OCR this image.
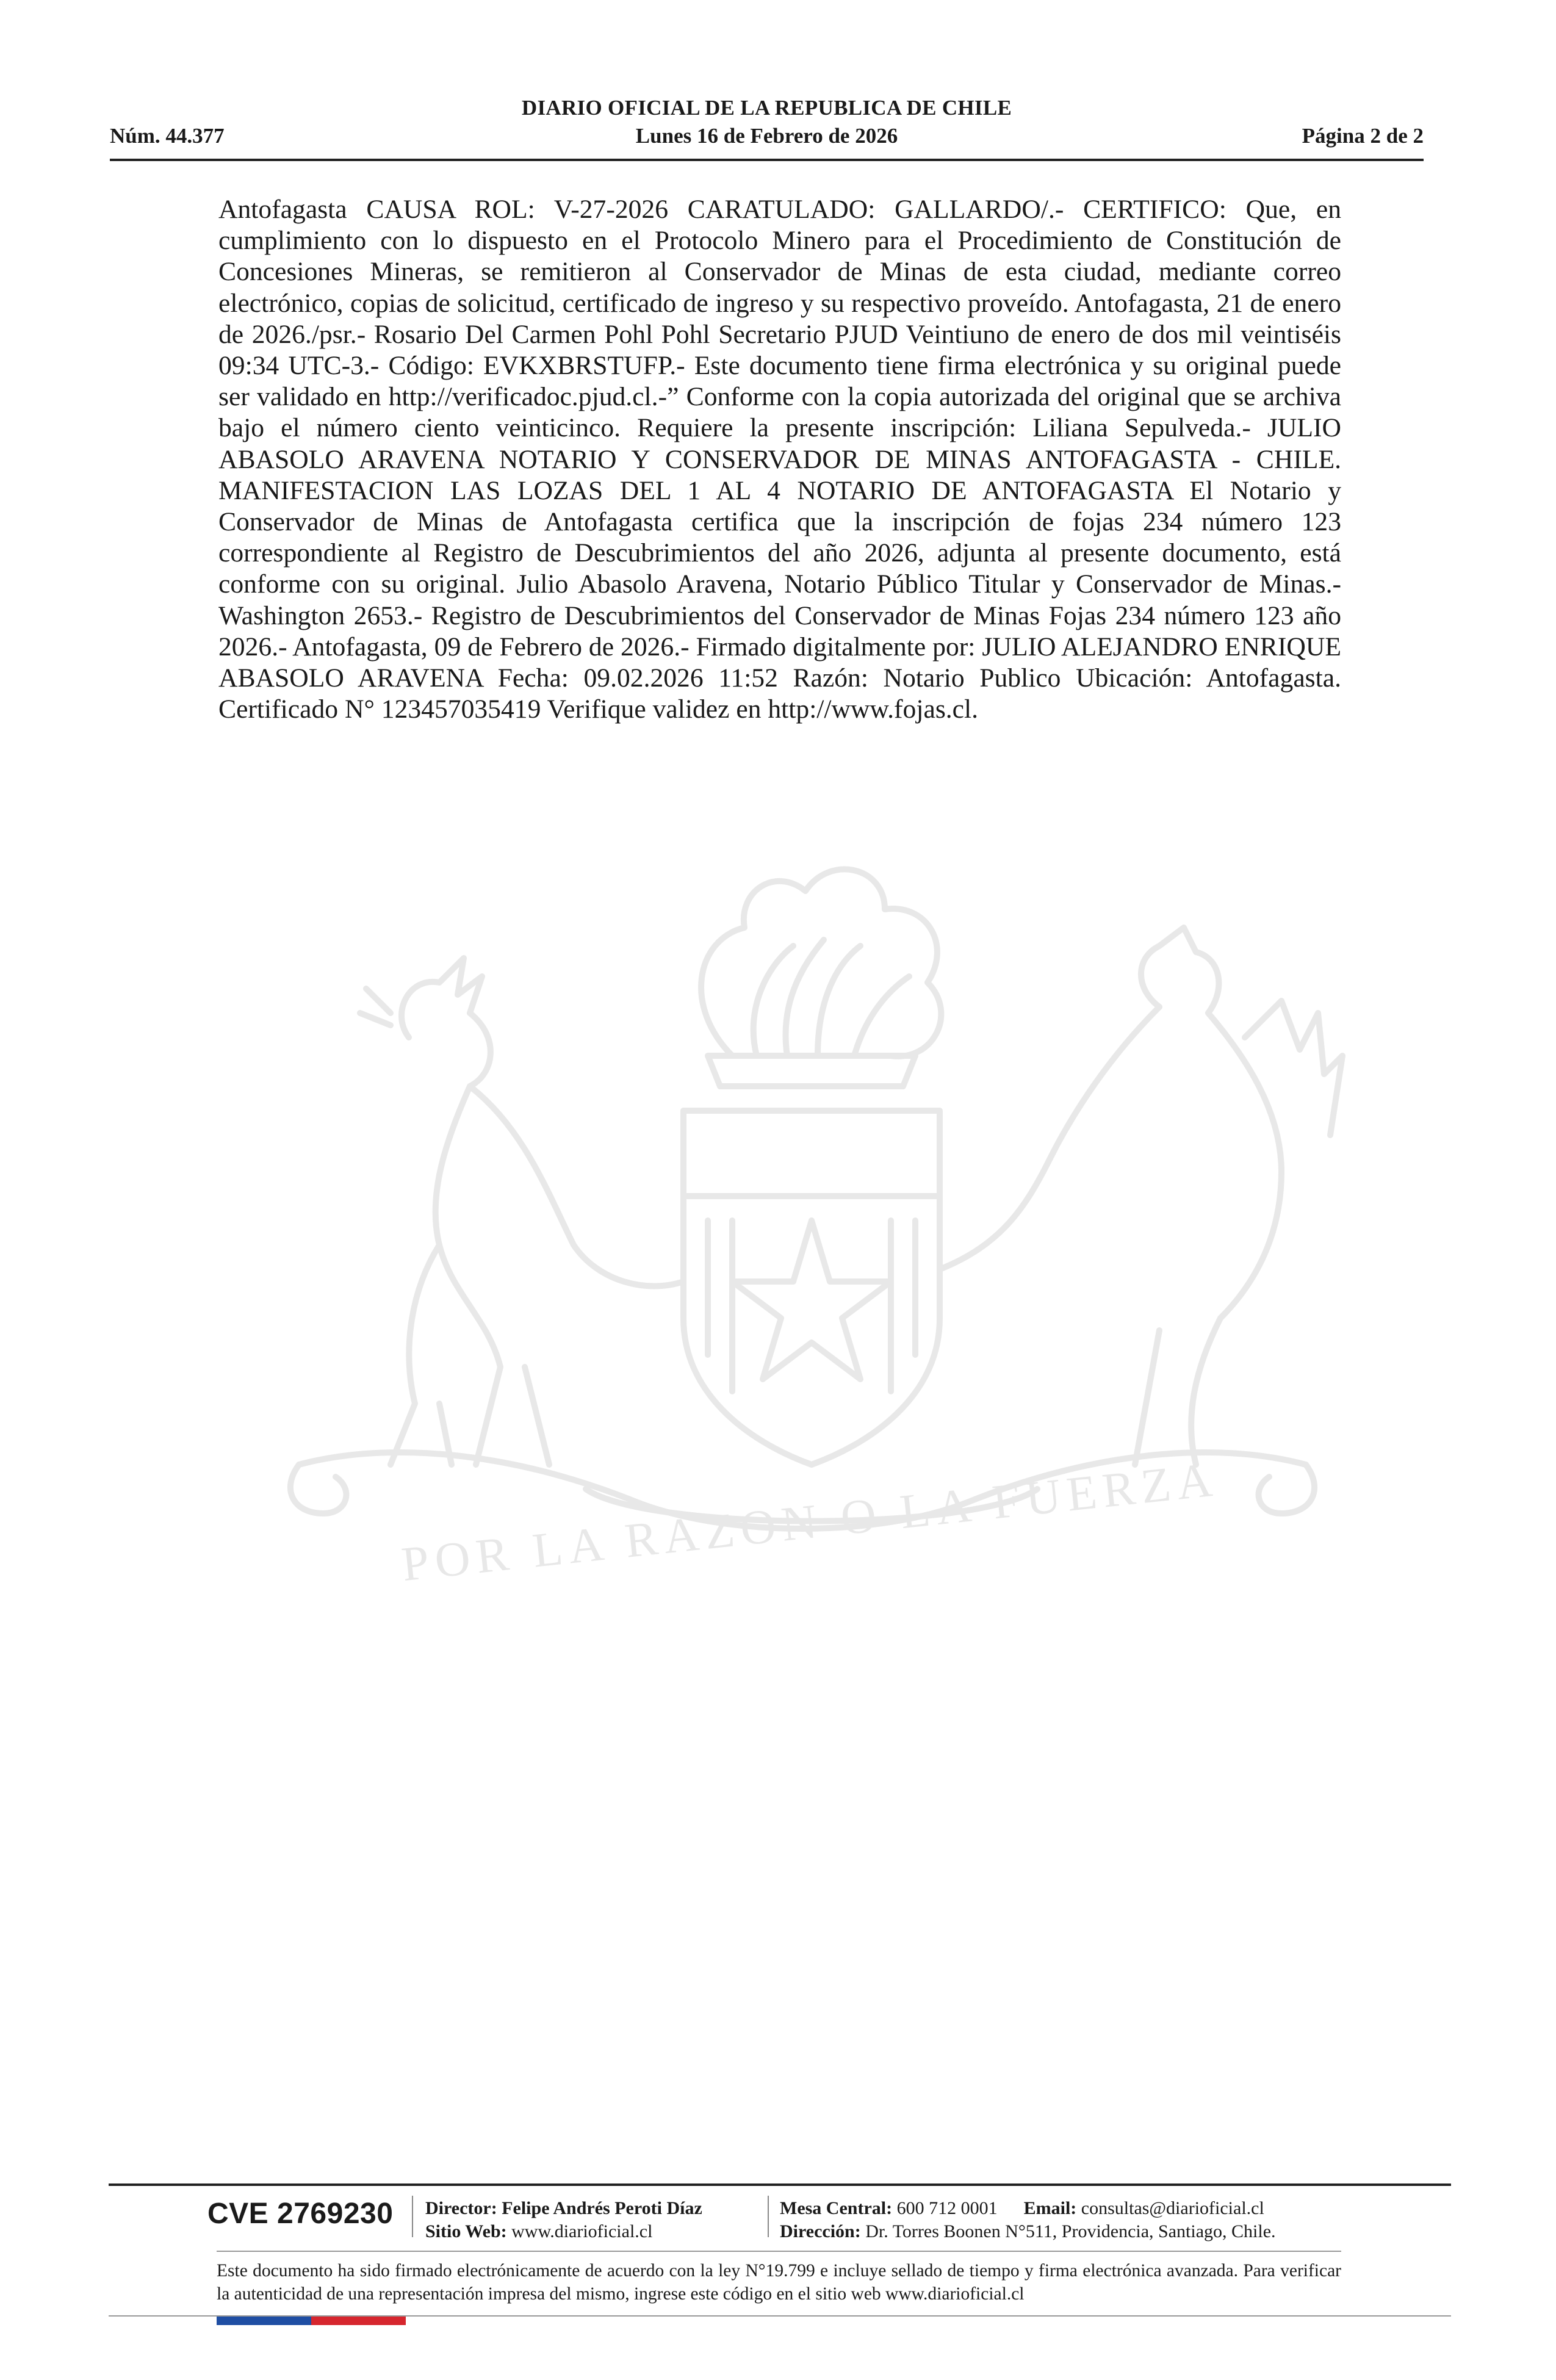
DIARIO OFICIAL DE LA REPUBLICA DE CHILE
Núm. 44.377	Lunes 16 de Febrero de 2026	Página 2 de 2
POR LA RAZON O LA FUERZA
Antofagasta CAUSA ROL: V-27-2026 CARATULADO: GALLARDO/.- CERTIFICO: Que, en cumplimiento con lo dispuesto en el Protocolo Minero para el Procedimiento de Constitución de Concesiones Mineras, se remitieron al Conservador de Minas de esta ciudad, mediante correo electrónico, copias de solicitud, certificado de ingreso y su respectivo proveído. Antofagasta, 21 de enero de 2026./psr.- Rosario Del Carmen Pohl Pohl Secretario PJUD Veintiuno de enero de dos mil veintiséis 09:34 UTC-3.- Código: EVKXBRSTUFP.- Este documento tiene firma electrónica y su original puede ser validado en http://verificadoc.pjud.cl.-” Conforme con la copia autorizada del original que se archiva bajo el número ciento veinticinco. Requiere la presente inscripción: Liliana Sepulveda.- JULIO ABASOLO ARAVENA NOTARIO Y CONSERVADOR DE MINAS ANTOFAGASTA - CHILE. MANIFESTACION LAS LOZAS DEL 1 AL 4 NOTARIO DE ANTOFAGASTA El Notario y Conservador de Minas de Antofagasta certifica que la inscripción de fojas 234 número 123 correspondiente al Registro de Descubrimientos del año 2026, adjunta al presente documento, está conforme con su original. Julio Abasolo Aravena, Notario Público Titular y Conservador de Minas.- Washington 2653.- Registro de Descubrimientos del Conservador de Minas Fojas 234 número 123 año 2026.- Antofagasta, 09 de Febrero de 2026.- Firmado digitalmente por: JULIO ALEJANDRO ENRIQUE ABASOLO ARAVENA Fecha: 09.02.2026 11:52 Razón: Notario Publico Ubicación: Antofagasta. Certificado N° 123457035419 Verifique validez en http://www.fojas.cl.
CVE 2769230 Director: Felipe Andrés Peroti Díaz
Sitio Web: www.diarioficial.cl
Mesa Central: 600 712 0001 Email: consultas@diarioficial.cl
Dirección: Dr. Torres Boonen N°511, Providencia, Santiago, Chile.
Este documento ha sido firmado electrónicamente de acuerdo con la ley N°19.799 e incluye sellado de tiempo y firma electrónica avanzada. Para verificar la autenticidad de una representación impresa del mismo, ingrese este código en el sitio web www.diarioficial.cl
